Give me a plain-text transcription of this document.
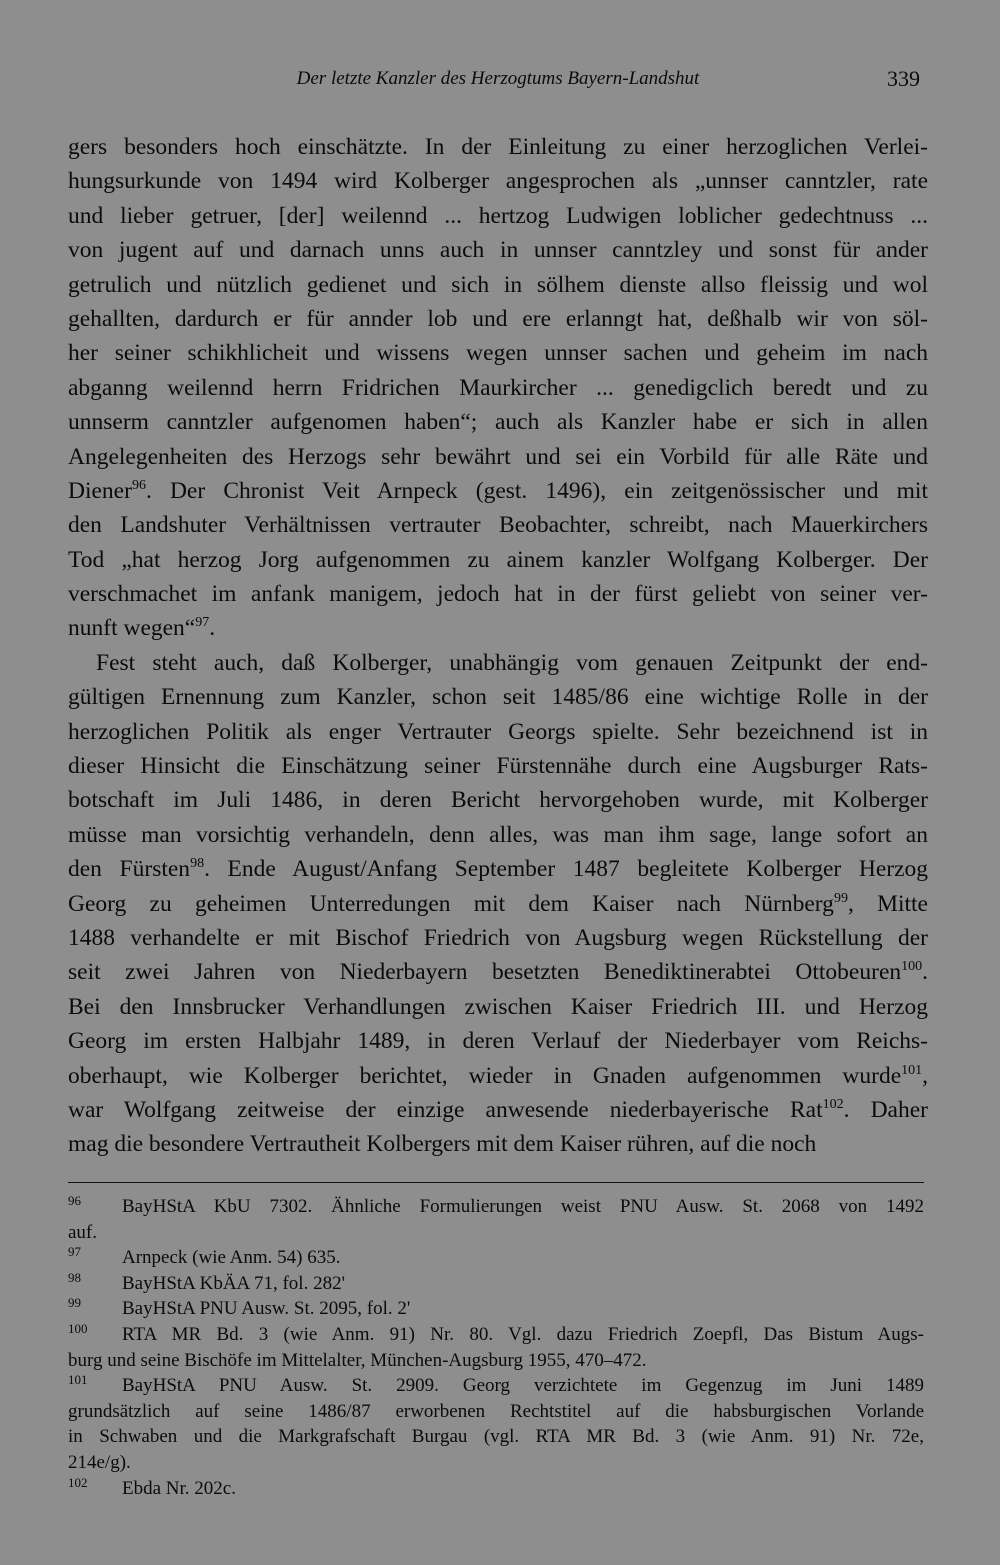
Der letzte Kanzler des Herzogtums Bayern-Landshut	339
gers besonders hoch einschätzte. In der Einleitung zu einer herzoglichen Verlei-
hungsurkunde von 1494 wird Kolberger angesprochen als „unnser canntzler, rate
und lieber getruer, [der] weilennd ... hertzog Ludwigen loblicher gedechtnuss ...
von jugent auf und darnach unns auch in unnser canntzley und sonst für ander
getrulich und nützlich gedienet und sich in sölhem dienste allso fleissig und wol
gehallten, dardurch er für annder lob und ere erlanngt hat, deßhalb wir von söl-
her seiner schikhlicheit und wissens wegen unnser sachen und geheim im nach
abganng weilennd herrn Fridrichen Maurkircher ... genedigclich beredt und zu
unnserm canntzler aufgenomen haben“; auch als Kanzler habe er sich in allen
Angelegenheiten des Herzogs sehr bewährt und sei ein Vorbild für alle Räte und
Diener$^{96}$. Der Chronist Veit Arnpeck (gest. 1496), ein zeitgenössischer und mit
den Landshuter Verhältnissen vertrauter Beobachter, schreibt, nach Mauerkirchers
Tod „hat herzog Jorg aufgenommen zu ainem kanzler Wolfgang Kolberger. Der
verschmachet im anfank manigem, jedoch hat in der fürst geliebt von seiner ver-
nunft wegen“$^{97}$.
Fest steht auch, daß Kolberger, unabhängig vom genauen Zeitpunkt der end-
gültigen Ernennung zum Kanzler, schon seit 1485/86 eine wichtige Rolle in der
herzoglichen Politik als enger Vertrauter Georgs spielte. Sehr bezeichnend ist in
dieser Hinsicht die Einschätzung seiner Fürstennähe durch eine Augsburger Rats-
botschaft im Juli 1486, in deren Bericht hervorgehoben wurde, mit Kolberger
müsse man vorsichtig verhandeln, denn alles, was man ihm sage, lange sofort an
den Fürsten$^{98}$. Ende August/Anfang September 1487 begleitete Kolberger Herzog
Georg zu geheimen Unterredungen mit dem Kaiser nach Nürnberg$^{99}$, Mitte
1488 verhandelte er mit Bischof Friedrich von Augsburg wegen Rückstellung der
seit zwei Jahren von Niederbayern besetzten Benediktinerabtei Ottobeuren$^{100}$.
Bei den Innsbrucker Verhandlungen zwischen Kaiser Friedrich III. und Herzog
Georg im ersten Halbjahr 1489, in deren Verlauf der Niederbayer vom Reichs-
oberhaupt, wie Kolberger berichtet, wieder in Gnaden aufgenommen wurde$^{101}$,
war Wolfgang zeitweise der einzige anwesende niederbayerische Rat$^{102}$. Daher
mag die besondere Vertrautheit Kolbergers mit dem Kaiser rühren, auf die noch
96 BayHStA KbU 7302. Ähnliche Formulierungen weist PNU Ausw. St. 2068 von 1492
auf.
97 Arnpeck (wie Anm. 54) 635.
98 BayHStA KbÄA 71, fol. 282'
99 BayHStA PNU Ausw. St. 2095, fol. 2'
100 RTA MR Bd. 3 (wie Anm. 91) Nr. 80. Vgl. dazu Friedrich Zoepfl, Das Bistum Augs-
burg und seine Bischöfe im Mittelalter, München-Augsburg 1955, 470–472.
101 BayHStA PNU Ausw. St. 2909. Georg verzichtete im Gegenzug im Juni 1489
grundsätzlich auf seine 1486/87 erworbenen Rechtstitel auf die habsburgischen Vorlande
in Schwaben und die Markgrafschaft Burgau (vgl. RTA MR Bd. 3 (wie Anm. 91) Nr. 72e,
214e/g).
102 Ebda Nr. 202c.
